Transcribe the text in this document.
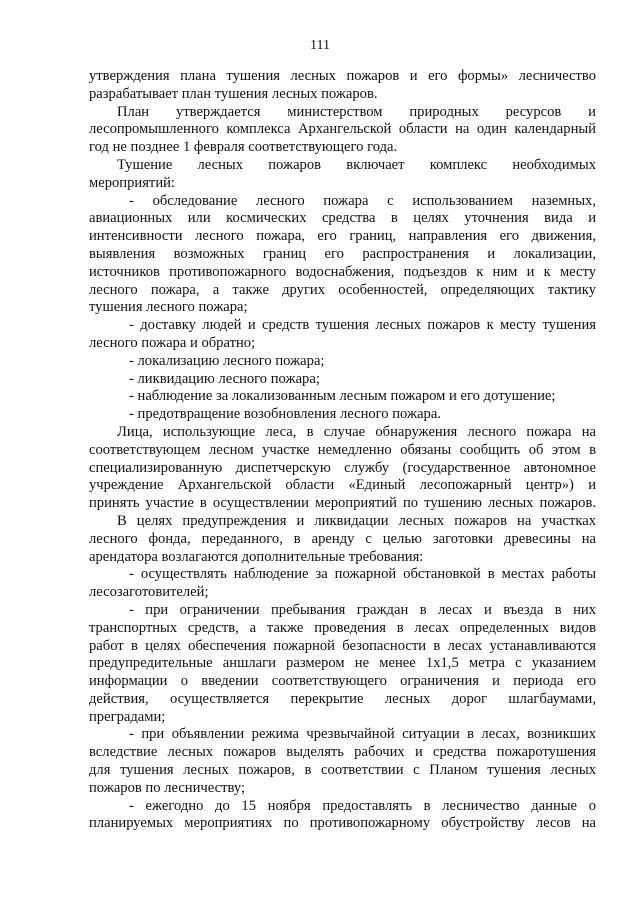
111
утверждения плана тушения лесных пожаров и его формы» лесничество
разрабатывает план тушения лесных пожаров.
План утверждается министерством природных ресурсов и
лесопромышленного комплекса Архангельской области на один календарный
год не позднее 1 февраля соответствующего года.
Тушение лесных пожаров включает комплекс необходимых
мероприятий:
- обследование лесного пожара с использованием наземных,
авиационных или космических средства в целях уточнения вида и
интенсивности лесного пожара, его границ, направления его движения,
выявления возможных границ его распространения и локализации,
источников противопожарного водоснабжения, подъездов к ним и к месту
лесного пожара, а также других особенностей, определяющих тактику
тушения лесного пожара;
- доставку людей и средств тушения лесных пожаров к месту тушения
лесного пожара и обратно;
- локализацию лесного пожара;
- ликвидацию лесного пожара;
- наблюдение за локализованным лесным пожаром и его дотушение;
- предотвращение возобновления лесного пожара.
Лица, использующие леса, в случае обнаружения лесного пожара на
соответствующем лесном участке немедленно обязаны сообщить об этом в
специализированную диспетчерскую службу (государственное автономное
учреждение Архангельской области «Единый лесопожарный центр») и
принять участие в осуществлении мероприятий по тушению лесных пожаров.
В целях предупреждения и ликвидации лесных пожаров на участках
лесного фонда, переданного, в аренду с целью заготовки древесины на
арендатора возлагаются дополнительные требования:
- осуществлять наблюдение за пожарной обстановкой в местах работы
лесозаготовителей;
- при ограничении пребывания граждан в лесах и въезда в них
транспортных средств, а также проведения в лесах определенных видов
работ в целях обеспечения пожарной безопасности в лесах устанавливаются
предупредительные аншлаги размером не менее 1х1,5 метра с указанием
информации о введении соответствующего ограничения и периода его
действия, осуществляется перекрытие лесных дорог шлагбаумами,
преградами;
- при объявлении режима чрезвычайной ситуации в лесах, возникших
вследствие лесных пожаров выделять рабочих и средства пожаротушения
для тушения лесных пожаров, в соответствии с Планом тушения лесных
пожаров по лесничеству;
- ежегодно до 15 ноября предоставлять в лесничество данные о
планируемых мероприятиях по противопожарному обустройству лесов на
